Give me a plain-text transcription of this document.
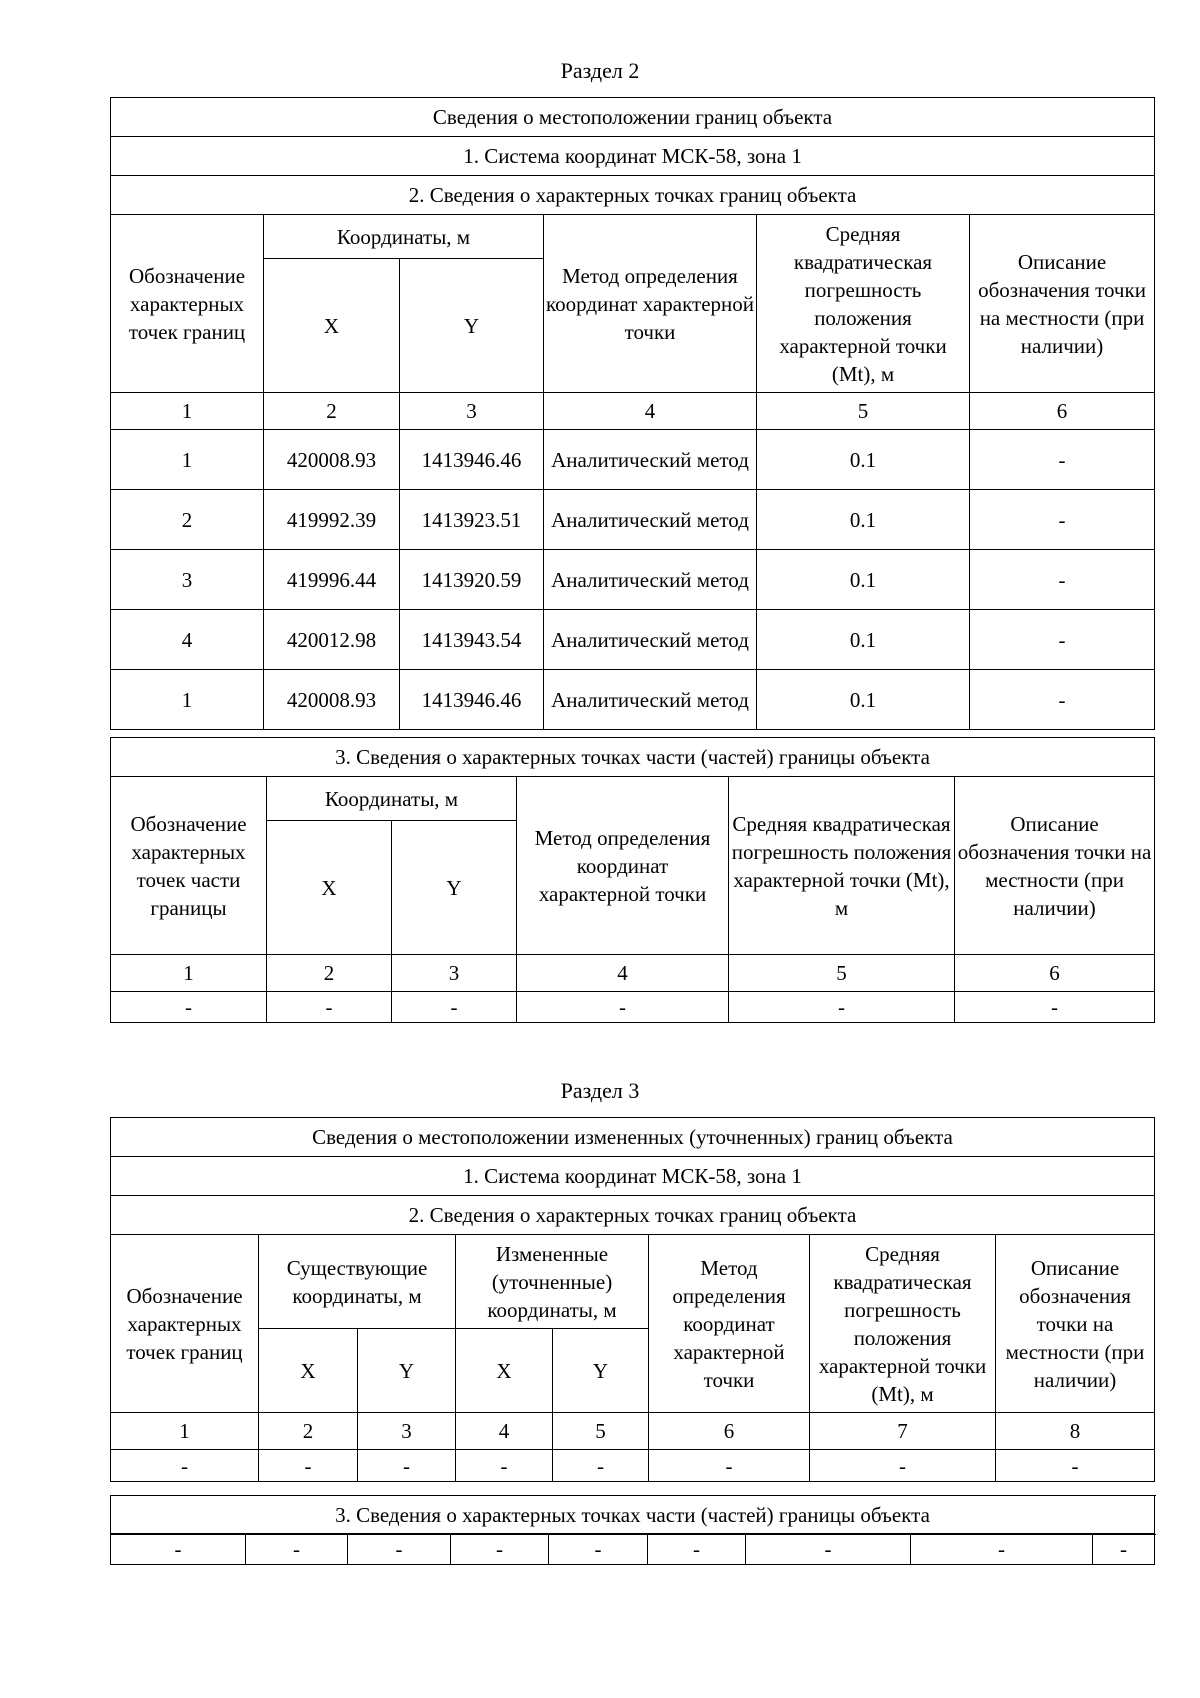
Раздел 2
Сведения о местоположении границ объекта					
1. Система координат МСК-58, зона 1					
2. Сведения о характерных точках границ объекта					
Обозначение характерных точек границ	Координаты, м		Метод определения координат характерной точки	Средняя квадратическая погрешность положения характерной точки (Mt), м	Описание обозначения точки на местности (при наличии)
	X	Y			
1	2	3	4	5	6
1	420008.93	1413946.46	Аналитический метод	0.1	-
2	419992.39	1413923.51	Аналитический метод	0.1	-
3	419996.44	1413920.59	Аналитический метод	0.1	-
4	420012.98	1413943.54	Аналитический метод	0.1	-
1	420008.93	1413946.46	Аналитический метод	0.1	-
3. Сведения о характерных точках части (частей) границы объекта					
Обозначение характерных точек части границы	Координаты, м		Метод определения координат характерной точки	Средняя квадратическая погрешность положения характерной точки (Mt), м	Описание обозначения точки на местности (при наличии)
	X	Y			
1	2	3	4	5	6
-	-	-	-	-	-
Раздел 3
Сведения о местоположении измененных (уточненных) границ объекта							
1. Система координат МСК-58, зона 1							
2. Сведения о характерных точках границ объекта							
Обозначение характерных точек границ	Существующие координаты, м		Измененные (уточненные) координаты, м		Метод определения координат характерной точки	Средняя квадратическая погрешность положения характерной точки (Mt), м	Описание обозначения точки на местности (при наличии)
	X	Y	X	Y			
1	2	3	4	5	6	7	8
-	-	-	-	-	-	-	-
3. Сведения о характерных точках части (частей) границы объекта
-	-	-	-	-	-	-	-	-
